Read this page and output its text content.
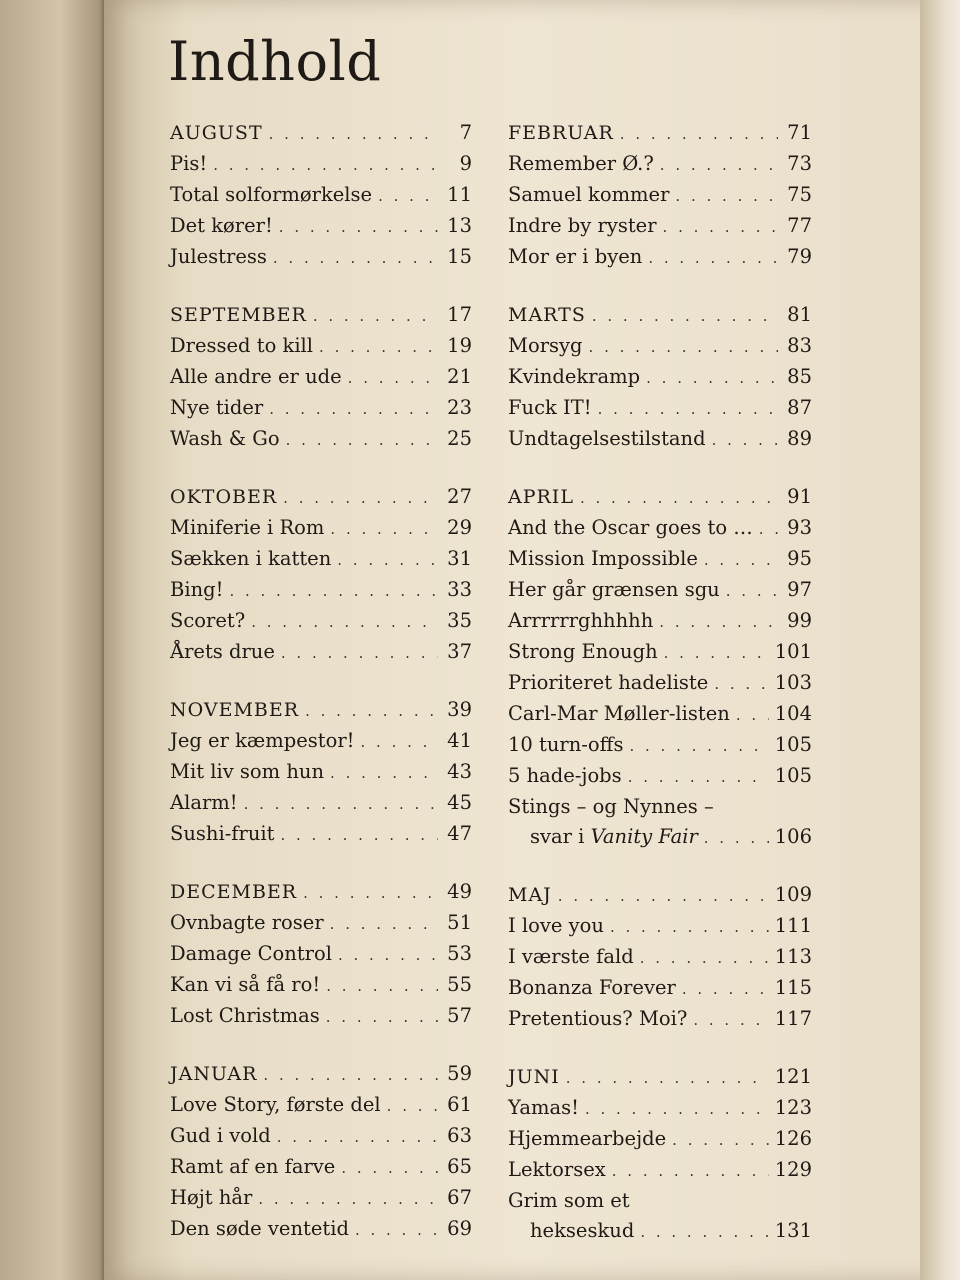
Indhold
AUGUST . . .	7
Pis! . . .	9
Total solformørkelse . . .	11
Det kører! . . .	13
Julestress . . .	15
SEPTEMBER . . .	17
Dressed to kill . . .	19
Alle andre er ude . . .	21
Nye tider . . .	23
Wash & Go . . .	25
OKTOBER . . .	27
Miniferie i Rom . . .	29
Sækken i katten . . .	31
Bing! . . .	33
Scoret? . . .	35
Årets drue . . .	37
NOVEMBER . . .	39
Jeg er kæmpestor! . . .	41
Mit liv som hun . . .	43
Alarm! . . .	45
Sushi-fruit . . .	47
DECEMBER . . .	49
Ovnbagte roser . . .	51
Damage Control . . .	53
Kan vi så få ro! . . .	55
Lost Christmas . . .	57
JANUAR . . .	59
Love Story, første del . . .	61
Gud i vold . . .	63
Ramt af en farve . . .	65
Højt hår . . .	67
Den søde ventetid . . .	69
FEBRUAR . . .	71
Remember Ø.? . . .	73
Samuel kommer . . .	75
Indre by ryster . . .	77
Mor er i byen . . .	79
MARTS . . .	81
Morsyg . . .	83
Kvindekramp . . .	85
Fuck IT! . . .	87
Undtagelsestilstand . . .	89
APRIL . . .	91
And the Oscar goes to … . . . 93
Mission Impossible . . .	95
Her går grænsen sgu . . .	97
Arrrrrrghhhhh . . .	99
Strong Enough . . .	101
Prioriteret hadeliste . . .	103
Carl-Mar Møller-listen . . . 104
10 turn-offs . . .	105
5 hade-jobs . . .	105
Stings – og Nynnes –
svar i Vanity Fair . . .	106
MAJ . . .	109
I love you . . .	111
I værste fald . . .	113
Bonanza Forever . . .	115
Pretentious? Moi? . . .	117
JUNI . . .	121
Yamas! . . .	123
Hjemmearbejde . . .	126
Lektorsex . . .	129
Grim som et
hekseskud . . .	131
